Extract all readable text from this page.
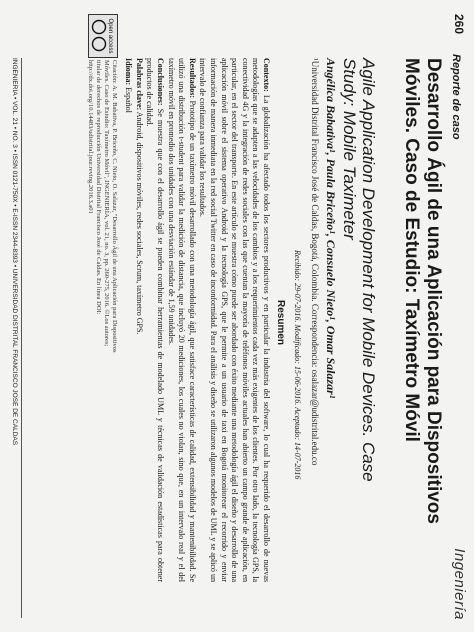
260
Reporte de caso
Ingeniería
Desarrollo Ágil de una Aplicación para Dispositivos Móviles. Caso de Estudio: Taxímetro Móvil
Agile Application Development for Mobile Devices. Case Study: Mobile Taximeter
Angélica Babativa¹, Paula Briceño¹, Consuelo Nieto¹, Omar Salazar¹
¹Universidad Distrital Francisco José de Caldas, Bogotá, Colombia. Correspondencia: osalazar@udistrital.edu.co
Recibido: 29-07-2016. Modificado: 15-06-2016. Aceptado: 14-07-2016
Resumen

Contexto: La globalización ha afectado todos los sectores productivos y en particular la industria del software, lo cual ha requerido el desarrollo de nuevas metodologías que se adapten a las velocidades de los cambios y a los requerimientos cada vez más exigentes de los clientes. Por otro lado, la tecnología GPS, la conectividad 4G y la integración de redes sociales con las que cuentan la mayoría de teléfonos móviles actuales han abierto un campo grande de aplicación, en particular, en el sector del transporte. En este artículo se muestra cómo puede ser abordado con éxito mediante una metodología ágil el diseño y desarrollo de una aplicación móvil sobre el sistema operativo Android y la tecnología GPS, que le permite a un usuario de taxi en Bogotá monitorear el recorrido y enviar información de manera inmediata en la red social Twitter en caso de inconformidad. Para el análisis y diseño se utilizaron algunos modelos de UML y se aplicó un intervalo de confianza para validar los resultados.

Resultados: Prototipo de un taxímetro móvil desarrollado con una metodología ágil, que satisface características de calidad, extensibilidad y mantenibilidad. Se utilizó una distribución t-student para validar la medición de distancia, que incluyó 20 mediciones, los cuales no violan, sino que, en un intervalo real y el del taxímetro móvil en promedio dos unidades con una desviación estándar de 1,59 unidades.

Conclusiones: Se muestra que con el desarrollo ágil se pueden combinar herramientas de modelado UML y técnicas de validación estadísticas para obtener productos de calidad.

Palabras clave: Android, dispositivos móviles, redes sociales, Scrum, taxímetro GPS.

Idioma: Español

Open access
Citación: A. M. Babativa, P. Briceño, C. Nieto, O. Salazar, "Desarrollo Ágil de una Aplicación para Dispositivos Móviles. Caso de Estudio: Taxímetro Móvil", INGENIERÍA, vol. 21, no. 3, pp. 260-275, 2016. ©Los autores; titular de derechos de reproducción Universidad Distrital Francisco José de Caldas. En línea DOI: http://dx.doi.org/10.14483/udistrital.jour.reving.2016.3.a01
INGENIERÍA • VOL. 21 • NO. 3 • ISSN 0121-750X • E-ISSN 2344-8393 • UNIVERSIDAD DISTRITAL FRANCISCO JOSÉ DE CALDAS
